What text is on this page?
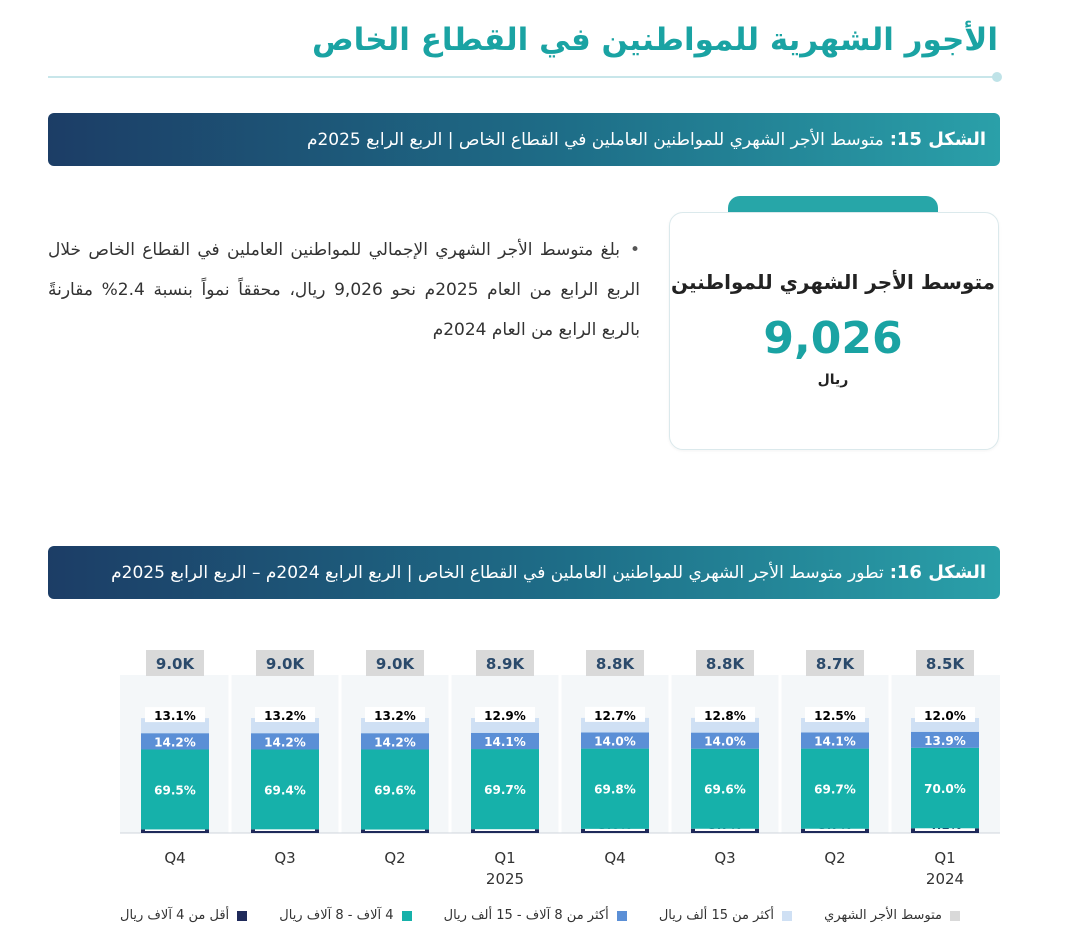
الأجور الشهرية للمواطنين في القطاع الخاص
الشكل 15:
متوسط الأجر الشهري للمواطنين العاملين في القطاع الخاص | الربع الرابع 2025م
متوسط الأجر الشهري للمواطنين
9,026
ريال
•بلغ متوسط الأجر الشهري الإجمالي للمواطنين العاملين في القطاع الخاص خلال الربع الرابع من العام 2025م نحو 9,026 ريال، محققاً نمواً بنسبة 2.4% مقارنةً بالربع الرابع من العام 2024م
الشكل 16:
تطور متوسط الأجر الشهري للمواطنين العاملين في القطاع الخاص | الربع الرابع 2024م – الربع الرابع 2025م
69.5%
14.2%
13.1%
9.0K
Q4
69.4%
14.2%
13.2%
9.0K
Q3
69.6%
14.2%
13.2%
9.0K
Q2
69.7%
14.1%
12.9%
8.9K
Q1
2025
69.8%
14.0%
12.7%
8.8K
Q4
69.6%
14.0%
12.8%
8.8K
Q3
69.7%
14.1%
12.5%
8.7K
Q2
70.0%
13.9%
12.0%
8.5K
Q1
2024
متوسط الأجر الشهري
أكثر من 15 ألف ريال
أكثر من 8 آلاف - 15 ألف ريال
4 آلاف - 8 آلاف ريال
أقل من 4 آلاف ريال
